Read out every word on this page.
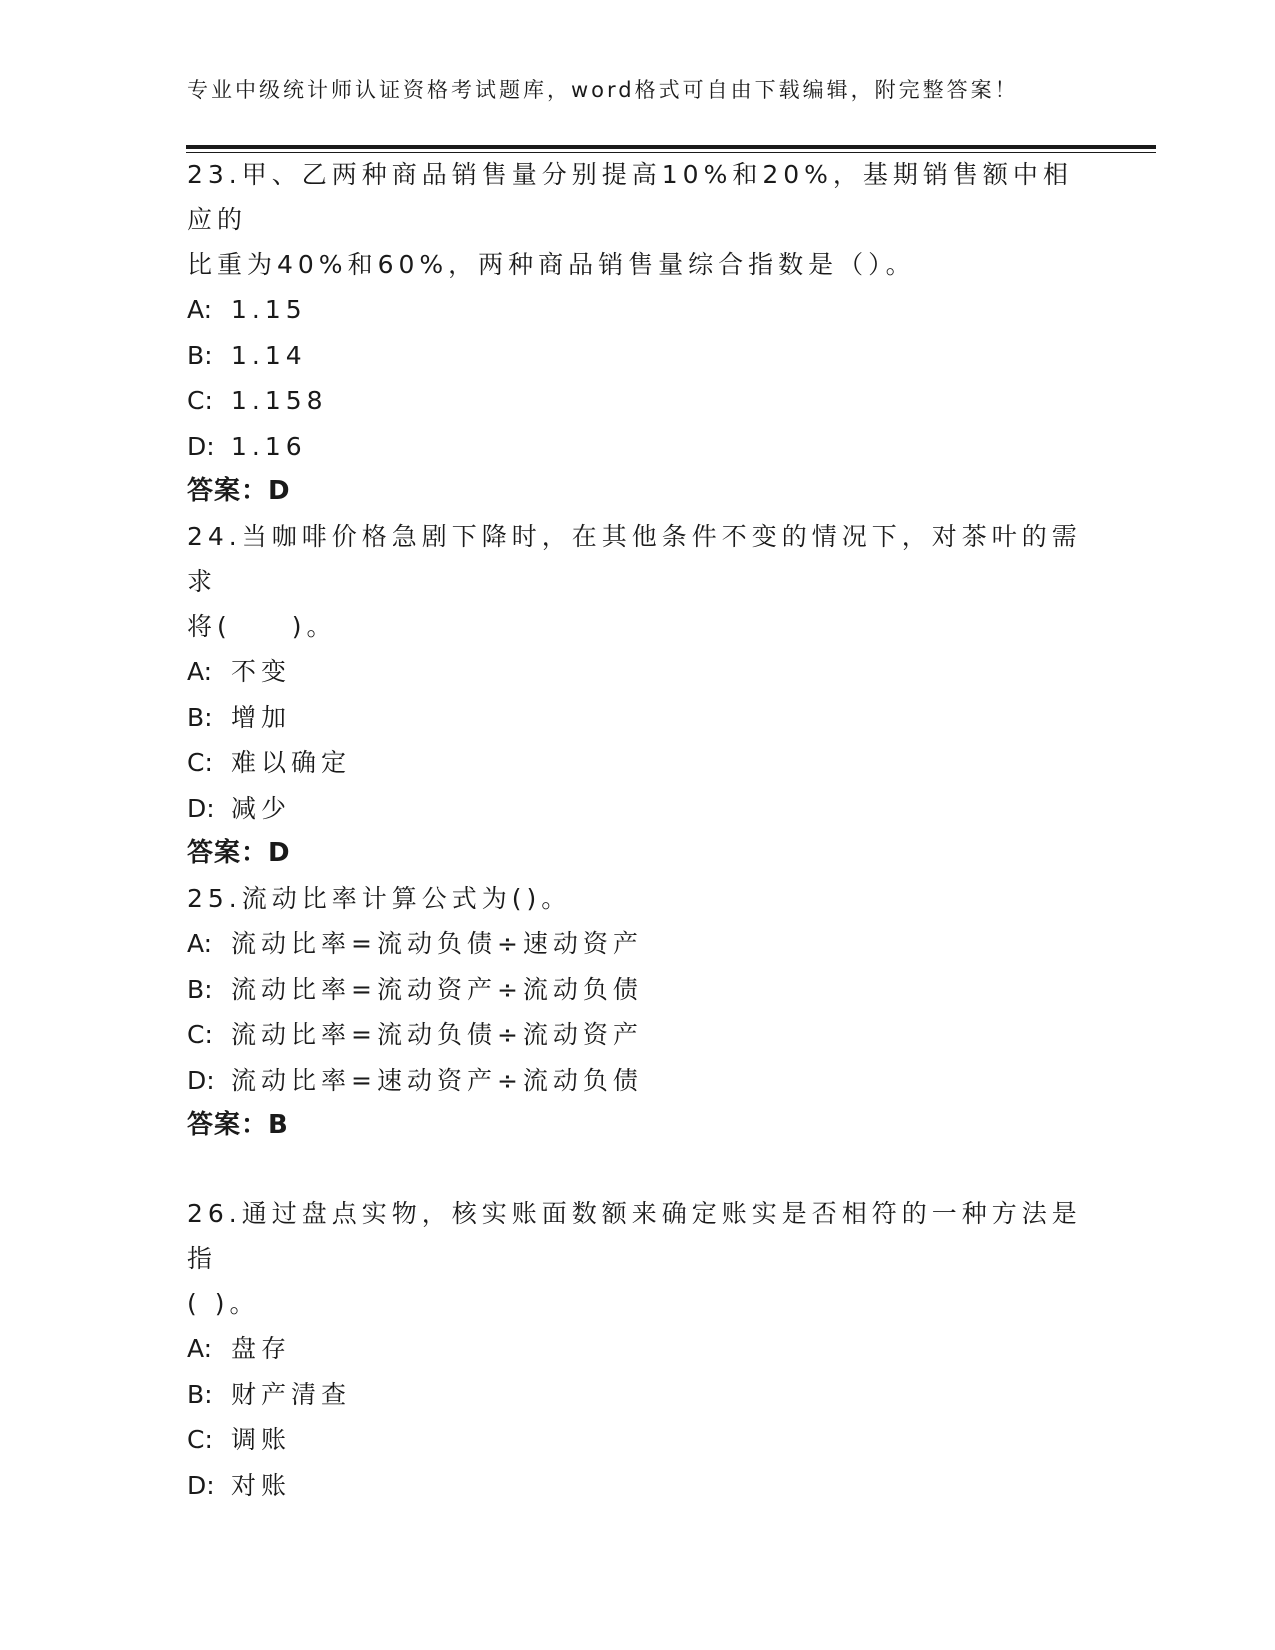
专业中级统计师认证资格考试题库，word格式可自由下载编辑，附完整答案！
23.甲、乙两种商品销售量分别提高10%和20%，基期销售额中相应的
比重为40%和60%，两种商品销售量综合指数是（）。
A: 1.15
B: 1.14
C: 1.158
D: 1.16
答案：D
24.当咖啡价格急剧下降时，在其他条件不变的情况下，对茶叶的需求
将(　　)。
A: 不变
B: 增加
C: 难以确定
D: 减少
答案：D
25.流动比率计算公式为()。
A: 流动比率=流动负债÷速动资产
B: 流动比率=流动资产÷流动负债
C: 流动比率=流动负债÷流动资产
D: 流动比率=速动资产÷流动负债
答案：B
26.通过盘点实物，核实账面数额来确定账实是否相符的一种方法是指
( )。
A: 盘存
B: 财产清查
C: 调账
D: 对账
